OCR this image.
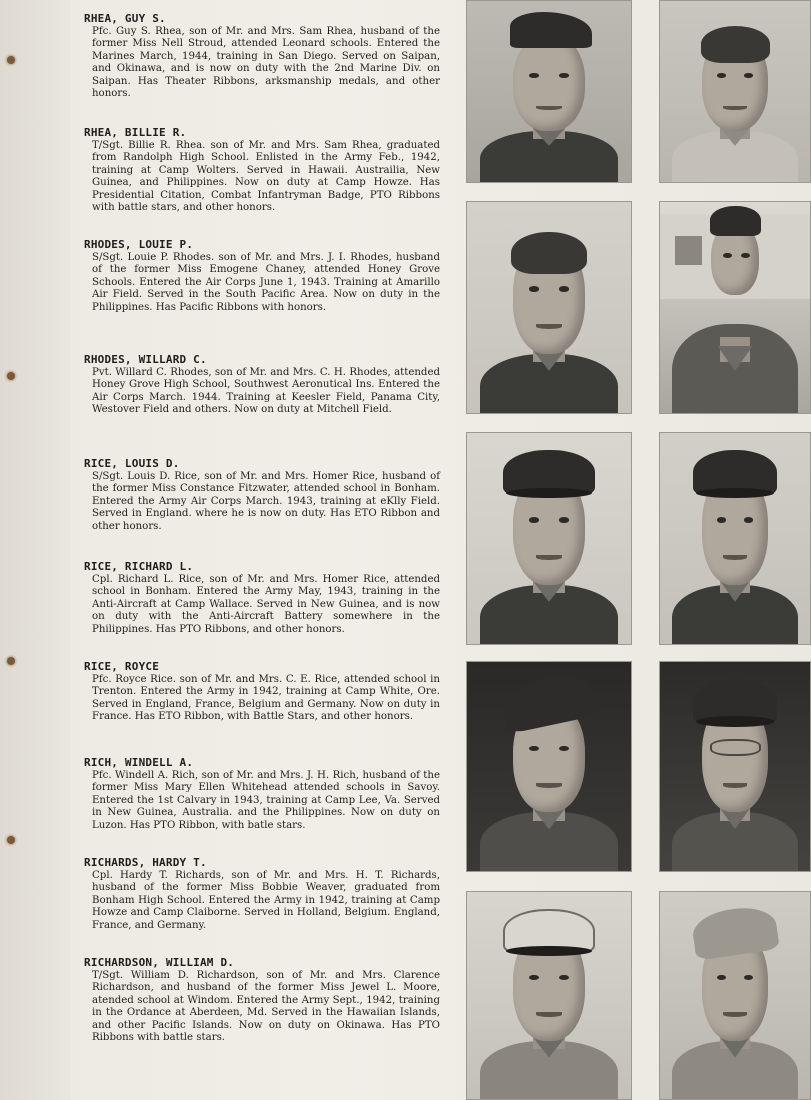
RHEA, GUY S.
Pfc. Guy S. Rhea, son of Mr. and Mrs. Sam Rhea, husband of the former Miss Nell Stroud, attended Leonard schools. Entered the Marines March, 1944, training in San Diego. Served on Saipan, and Okinawa, and is now on duty with the 2nd Marine Div. on Saipan. Has Theater Ribbons, arksmanship medals, and other honors.
RHEA, BILLIE R.
T/Sgt. Billie R. Rhea. son of Mr. and Mrs. Sam Rhea, graduated from Randolph High School. Enlisted in the Army Feb., 1942, training at Camp Wolters. Served in Hawaii. Austrailia, New Guinea, and Philippines. Now on duty at Camp Howze. Has Presidential Citation, Combat Infantryman Badge, PTO Ribbons with battle stars, and other honors.
RHODES, LOUIE P.
S/Sgt. Louie P. Rhodes. son of Mr. and Mrs. J. I. Rhodes, husband of the former Miss Emogene Chaney, attended Honey Grove Schools. Entered the Air Corps June 1, 1943. Training at Amarillo Air Field. Served in the South Pacific Area. Now on duty in the Philippines. Has Pacific Ribbons with honors.
RHODES, WILLARD C.
Pvt. Willard C. Rhodes, son of Mr. and Mrs. C. H. Rhodes, attended Honey Grove High School, Southwest Aeronutical Ins. Entered the Air Corps March. 1944. Training at Keesler Field, Panama City, Westover Field and others. Now on duty at Mitchell Field.
RICE, LOUIS D.
S/Sgt. Louis D. Rice, son of Mr. and Mrs. Homer Rice, husband of the former Miss Constance Fitzwater, attended school in Bonham. Entered the Army Air Corps March. 1943, training at eKlly Field. Served in England. where he is now on duty. Has ETO Ribbon and other honors.
RICE, RICHARD L.
Cpl. Richard L. Rice, son of Mr. and Mrs. Homer Rice, attended school in Bonham. Entered the Army May, 1943, training in the Anti-Aircraft at Camp Wallace. Served in New Guinea, and is now on duty with the Anti-Aircraft Battery somewhere in the Philippines. Has PTO Ribbons, and other honors.
RICE, ROYCE
Pfc. Royce Rice. son of Mr. and Mrs. C. E. Rice, attended school in Trenton. Entered the Army in 1942, training at Camp White, Ore. Served in England, France, Belgium and Germany. Now on duty in France. Has ETO Ribbon, with Battle Stars, and other honors.
RICH, WINDELL A.
Pfc. Windell A. Rich, son of Mr. and Mrs. J. H. Rich, husband of the former Miss Mary Ellen Whitehead attended schools in Savoy. Entered the 1st Calvary in 1943, training at Camp Lee, Va. Served in New Guinea, Australia. and the Philippines. Now on duty on Luzon. Has PTO Ribbon, with batle stars.
RICHARDS, HARDY T.
Cpl. Hardy T. Richards, son of Mr. and Mrs. H. T. Richards, husband of the former Miss Bobbie Weaver, graduated from Bonham High School. Entered the Army in 1942, training at Camp Howze and Camp Claiborne. Served in Holland, Belgium. England, France, and Germany.
RICHARDSON, WILLIAM D.
T/Sgt. William D. Richardson, son of Mr. and Mrs. Clarence Richardson, and husband of the former Miss Jewel L. Moore, atended school at Windom. Entered the Army Sept., 1942, training in the Ordance at Aberdeen, Md. Served in the Hawaiian Islands, and other Pacific Islands. Now on duty on Okinawa. Has PTO Ribbons with battle stars.
